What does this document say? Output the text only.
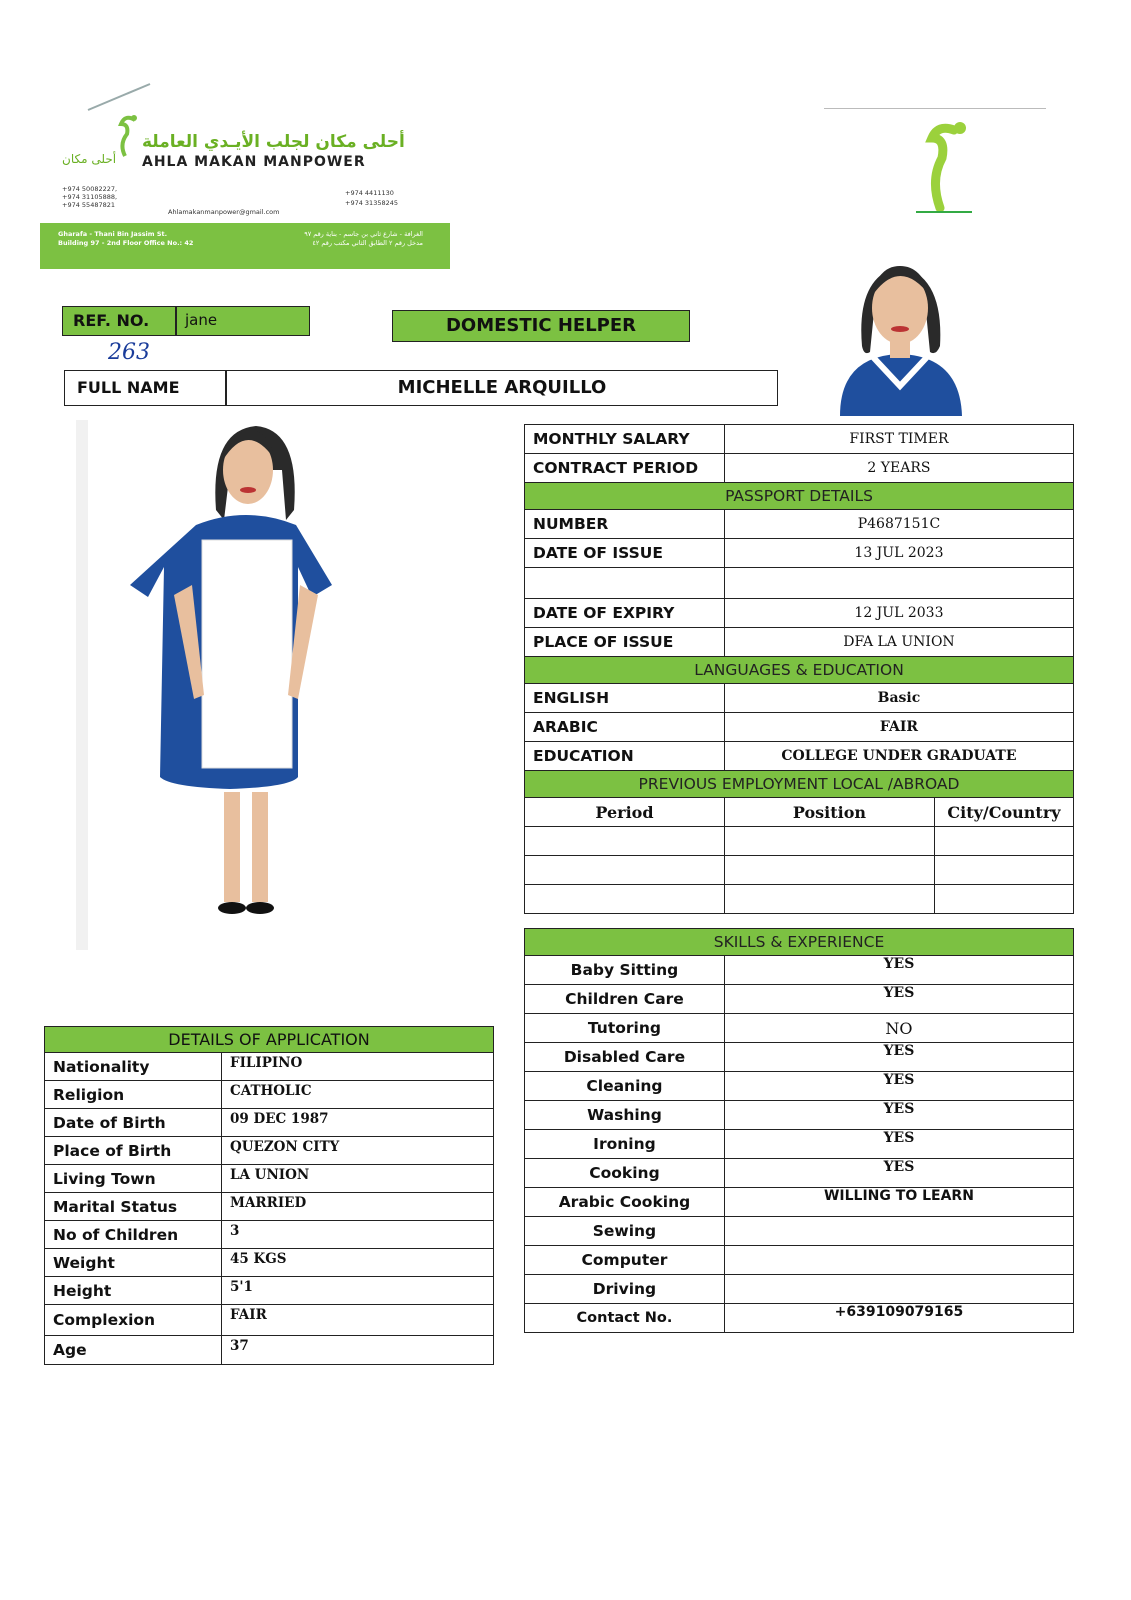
أحلى مكان لجلب الأيـدي العاملة
أحلى مكان AHLA MAKAN MANPOWER
+974 50082227,
+974 31105888,
+974 55487821
+974 4411130
+974 31358245
Ahlamakanmanpower@gmail.com
Gharafa - Thani Bin Jassim St.
Building 97 - 2nd Floor Office No.: 42
الغرافة - شارع ثاني بن جاسم - بناية رقم ٩٧
مدخل رقم ٢ الطابق الثاني مكتب رقم ٤٢
REF. NO.	jane
263
DOMESTIC HELPER
FULL NAME	MICHELLE ARQUILLO
MONTHLY SALARY	FIRST TIMER	
CONTRACT PERIOD	2 YEARS	
PASSPORT DETAILS		
NUMBER	P4687151C	
DATE OF ISSUE	13 JUL 2023	

DATE OF EXPIRY	12 JUL 2033	
PLACE OF ISSUE	DFA LA UNION	
LANGUAGES & EDUCATION		
ENGLISH	Basic	
ARABIC	FAIR	
EDUCATION	COLLEGE UNDER GRADUATE	
PREVIOUS EMPLOYMENT LOCAL /ABROAD		
Period	Position	City/Country

SKILLS & EXPERIENCE		
Baby Sitting	YES	
Children Care	YES	
Tutoring	NO	
Disabled Care	YES	
Cleaning	YES	
Washing	YES	
Ironing	YES	
Cooking	YES	
Arabic Cooking	WILLING TO LEARN	
Sewing		
Computer		
Driving		
Contact No.	+639109079165	
DETAILS OF APPLICATION	
Nationality	FILIPINO
Religion	CATHOLIC
Date of Birth	09 DEC 1987
Place of Birth	QUEZON CITY
Living Town	LA UNION
Marital Status	MARRIED
No of Children	3
Weight	45 KGS
Height	5'1
Complexion	FAIR
Age	37
